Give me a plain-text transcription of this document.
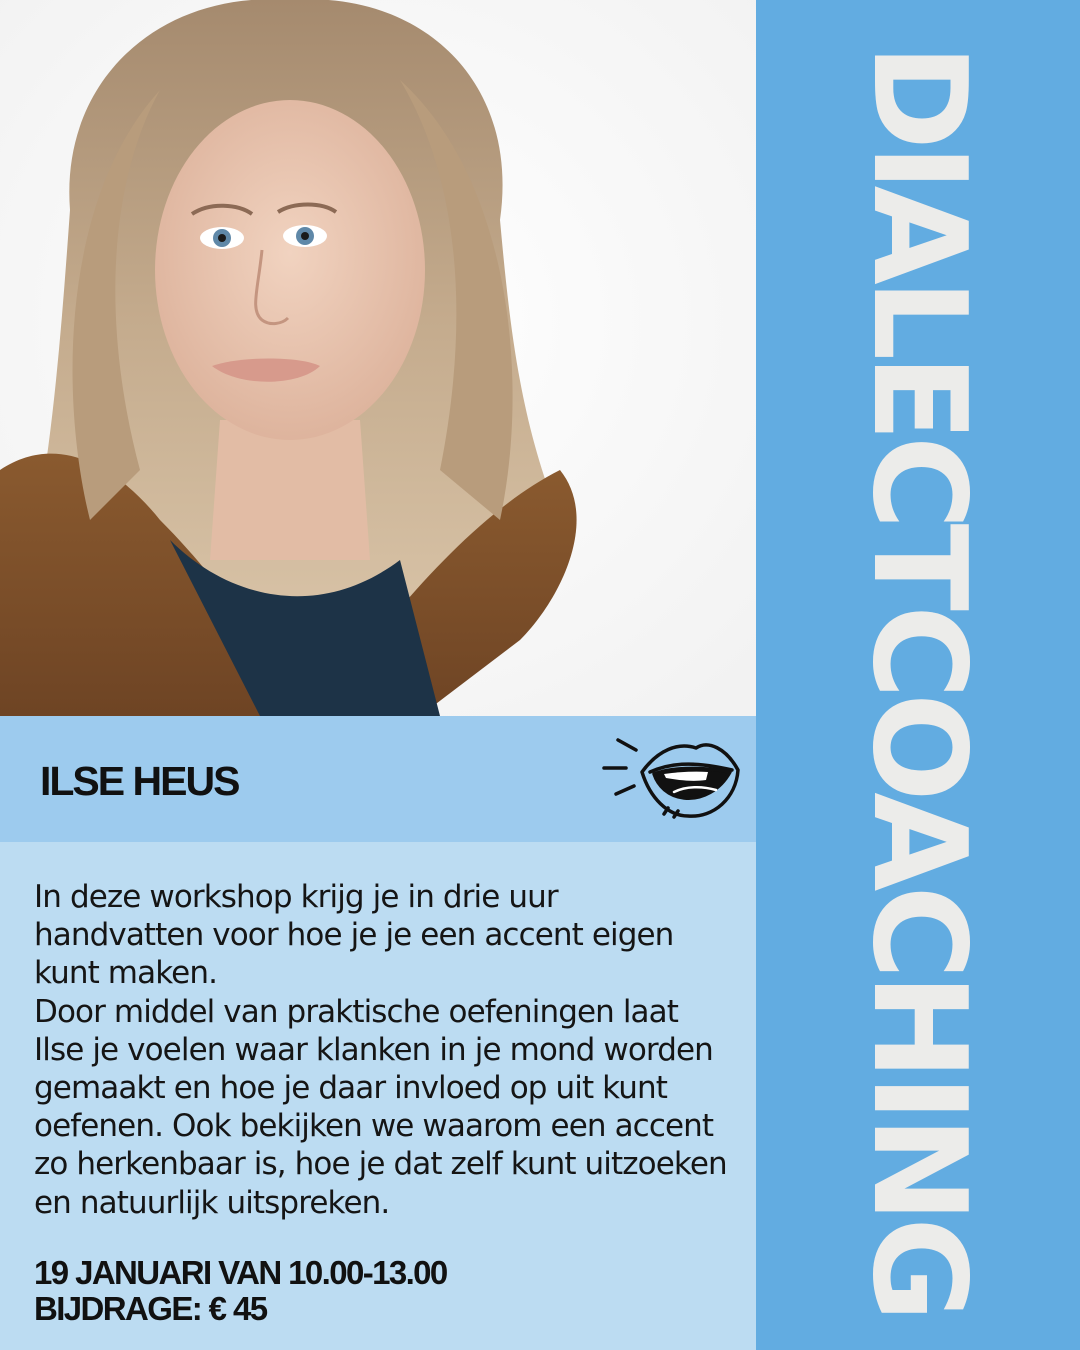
DIALECTCOACHING
ILSE HEUS

In deze workshop krijg je in drie uur handvatten voor hoe je je een accent eigen kunt maken.

Door middel van praktische oefeningen laat Ilse je voelen waar klanken in je mond worden gemaakt en hoe je daar invloed op uit kunt oefenen. Ook bekijken we waarom een accent zo herkenbaar is, hoe je dat zelf kunt uitzoeken en natuurlijk uitspreken.

19 JANUARI VAN 10.00-13.00
BIJDRAGE: € 45
